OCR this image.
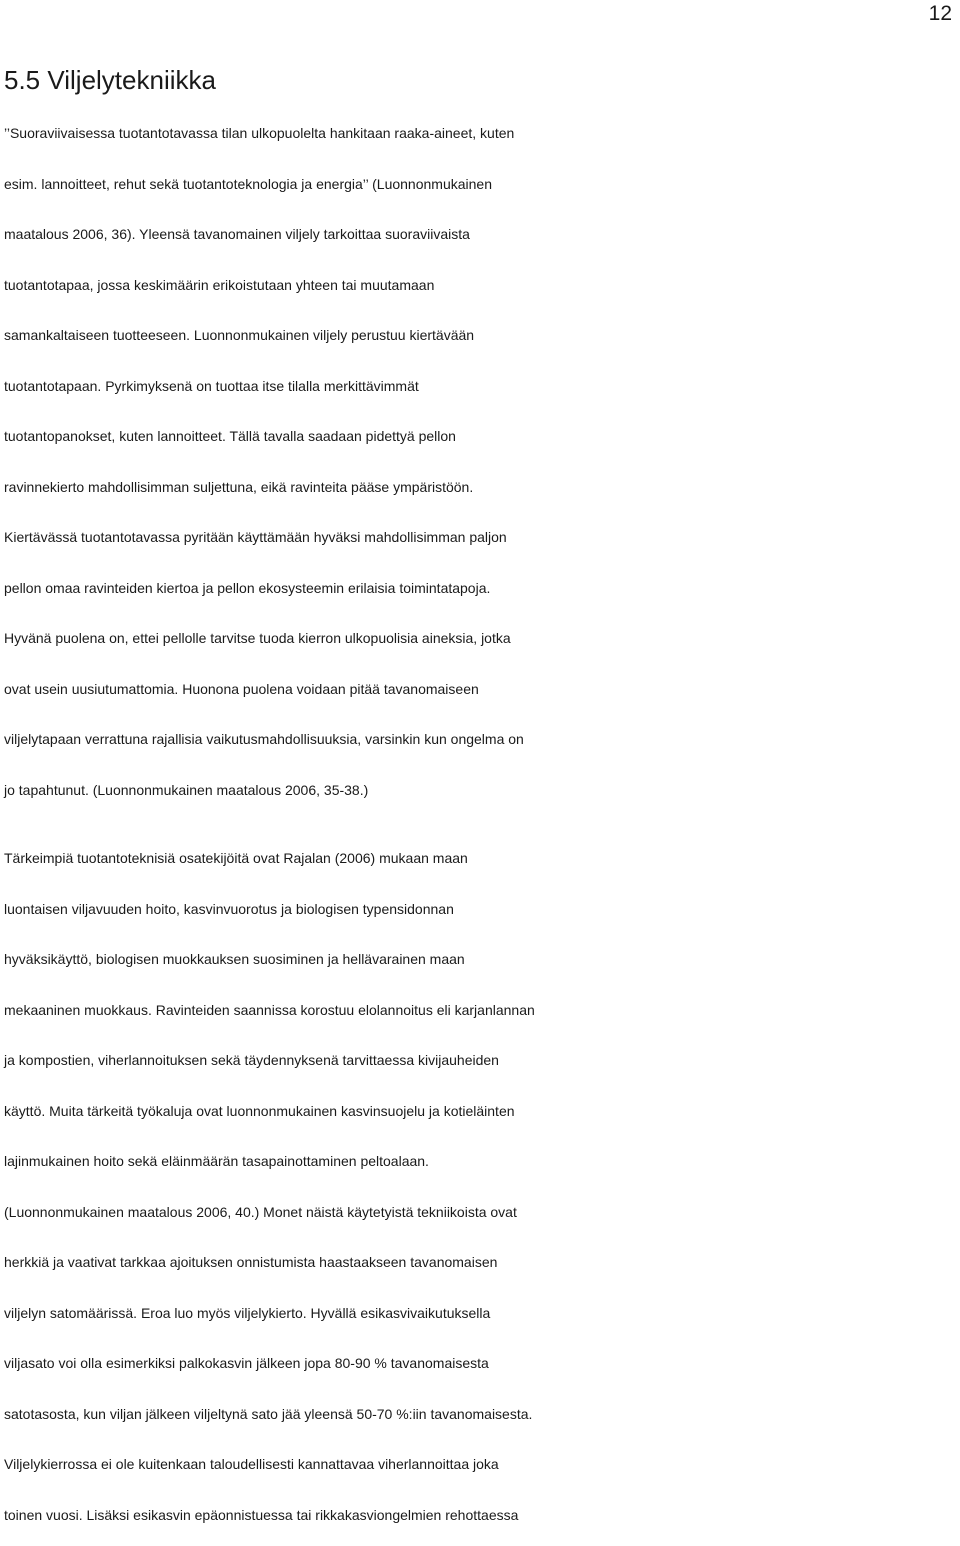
12
5.5 Viljelytekniikka
’’Suoraviivaisessa tuotantotavassa tilan ulkopuolelta hankitaan raaka-aineet, kuten
esim. lannoitteet, rehut sekä tuotantoteknologia ja energia’’ (Luonnonmukainen
maatalous 2006, 36). Yleensä tavanomainen viljely tarkoittaa suoraviivaista
tuotantotapaa, jossa keskimäärin erikoistutaan yhteen tai muutamaan
samankaltaiseen tuotteeseen. Luonnonmukainen viljely perustuu kiertävään
tuotantotapaan. Pyrkimyksenä on tuottaa itse tilalla merkittävimmät
tuotantopanokset, kuten lannoitteet. Tällä tavalla saadaan pidettyä pellon
ravinnekierto mahdollisimman suljettuna, eikä ravinteita pääse ympäristöön.
Kiertävässä tuotantotavassa pyritään käyttämään hyväksi mahdollisimman paljon
pellon omaa ravinteiden kiertoa ja pellon ekosysteemin erilaisia toimintatapoja.
Hyvänä puolena on, ettei pellolle tarvitse tuoda kierron ulkopuolisia aineksia, jotka
ovat usein uusiutumattomia. Huonona puolena voidaan pitää tavanomaiseen
viljelytapaan verrattuna rajallisia vaikutusmahdollisuuksia, varsinkin kun ongelma on
jo tapahtunut. (Luonnonmukainen maatalous 2006, 35-38.)
Tärkeimpiä tuotantoteknisiä osatekijöitä ovat Rajalan (2006) mukaan maan
luontaisen viljavuuden hoito, kasvinvuorotus ja biologisen typensidonnan
hyväksikäyttö, biologisen muokkauksen suosiminen ja hellävarainen maan
mekaaninen muokkaus. Ravinteiden saannissa korostuu elolannoitus eli karjanlannan
ja kompostien, viherlannoituksen sekä täydennyksenä tarvittaessa kivijauheiden
käyttö. Muita tärkeitä työkaluja ovat luonnonmukainen kasvinsuojelu ja kotieläinten
lajinmukainen hoito sekä eläinmäärän tasapainottaminen peltoalaan.
(Luonnonmukainen maatalous 2006, 40.) Monet näistä käytetyistä tekniikoista ovat
herkkiä ja vaativat tarkkaa ajoituksen onnistumista haastaakseen tavanomaisen
viljelyn satomäärissä. Eroa luo myös viljelykierto. Hyvällä esikasvivaikutuksella
viljasato voi olla esimerkiksi palkokasvin jälkeen jopa 80-90 % tavanomaisesta
satotasosta, kun viljan jälkeen viljeltynä sato jää yleensä 50-70 %:iin tavanomaisesta.
Viljelykierrossa ei ole kuitenkaan taloudellisesti kannattavaa viherlannoittaa joka
toinen vuosi. Lisäksi esikasvin epäonnistuessa tai rikkakasviongelmien rehottaessa
